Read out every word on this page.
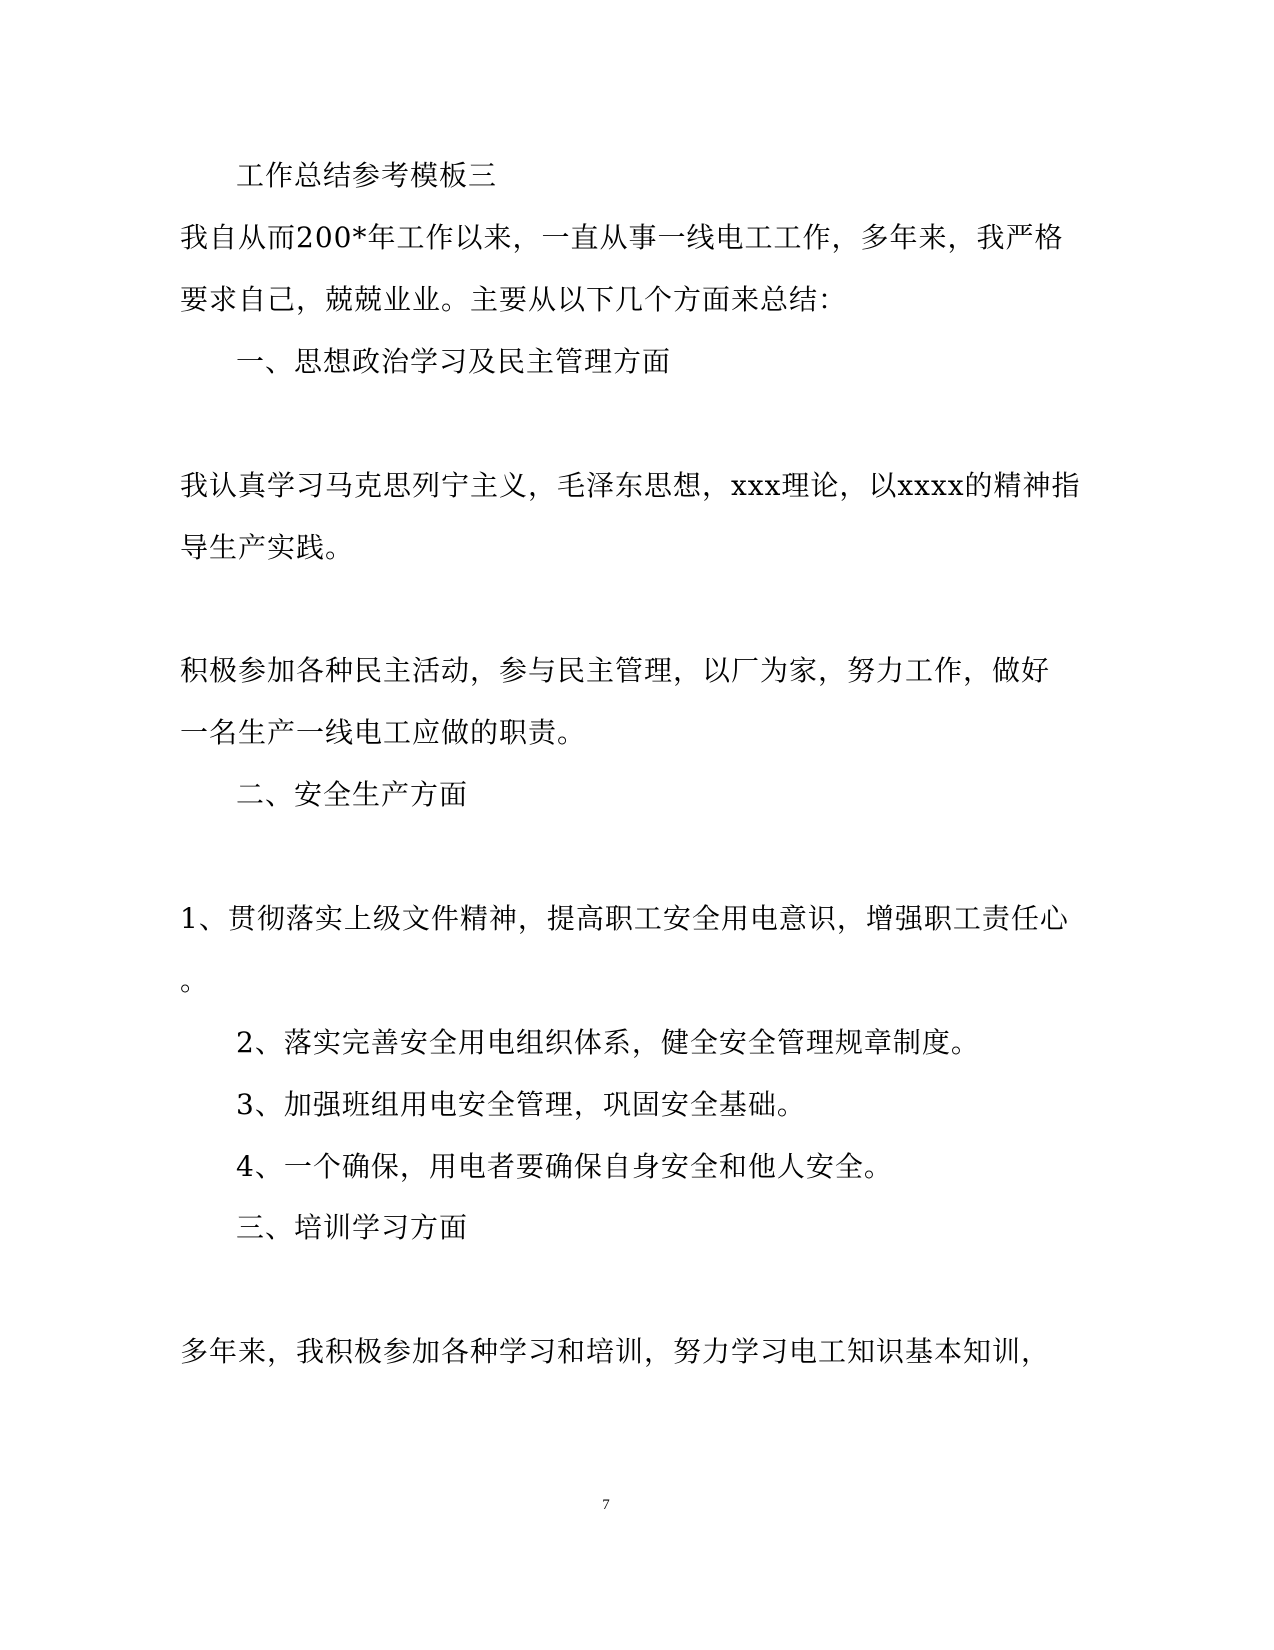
工作总结参考模板三
我自从而200*年工作以来，一直从事一线电工工作，多年来，我严格
要求自己，兢兢业业。主要从以下几个方面来总结：
一、思想政治学习及民主管理方面
我认真学习马克思列宁主义，毛泽东思想，xxx理论，以xxxx的精神指
导生产实践。
积极参加各种民主活动，参与民主管理，以厂为家，努力工作，做好
一名生产一线电工应做的职责。
二、安全生产方面
1、贯彻落实上级文件精神，提高职工安全用电意识，增强职工责任心
。
2、落实完善安全用电组织体系，健全安全管理规章制度。
3、加强班组用电安全管理，巩固安全基础。
4、一个确保，用电者要确保自身安全和他人安全。
三、培训学习方面
多年来，我积极参加各种学习和培训，努力学习电工知识基本知训，
7
